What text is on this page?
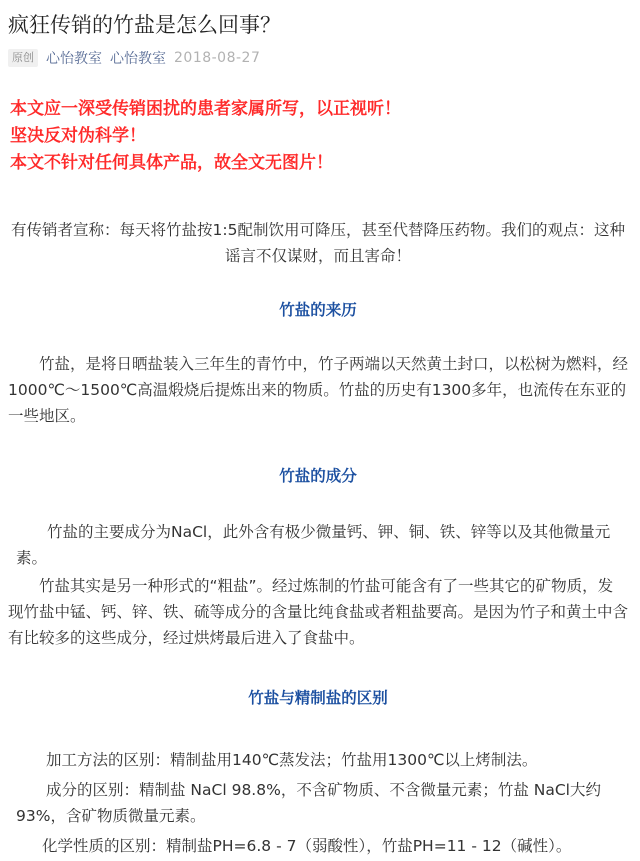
疯狂传销的竹盐是怎么回事？
原创 心怡教室 心怡教室 2018-08-27
本文应一深受传销困扰的患者家属所写，以正视听！
坚决反对伪科学！
本文不针对任何具体产品，故全文无图片！

有传销者宣称：每天将竹盐按1:5配制饮用可降压，甚至代替降压药物。我们的观点：这种谣言不仅谋财，而且害命！

竹盐的来历

竹盐，是将日晒盐装入三年生的青竹中，竹子两端以天然黄土封口，以松树为燃料，经1000℃～1500℃高温煅烧后提炼出来的物质。竹盐的历史有1300多年，也流传在东亚的一些地区。

竹盐的成分

竹盐的主要成分为NaCl，此外含有极少微量钙、钾、铜、铁、锌等以及其他微量元素。

竹盐其实是另一种形式的“粗盐”。经过炼制的竹盐可能含有了一些其它的矿物质，发现竹盐中锰、钙、锌、铁、硫等成分的含量比纯食盐或者粗盐要高。是因为竹子和黄土中含有比较多的这些成分，经过烘烤最后进入了食盐中。

竹盐与精制盐的区别

加工方法的区别：精制盐用140℃蒸发法；竹盐用1300℃以上烤制法。

成分的区别：精制盐 NaCl 98.8%，不含矿物质、不含微量元素；竹盐 NaCl大约93%，含矿物质微量元素。

化学性质的区别：精制盐PH=6.8 - 7（弱酸性），竹盐PH=11 - 12（碱性）。
